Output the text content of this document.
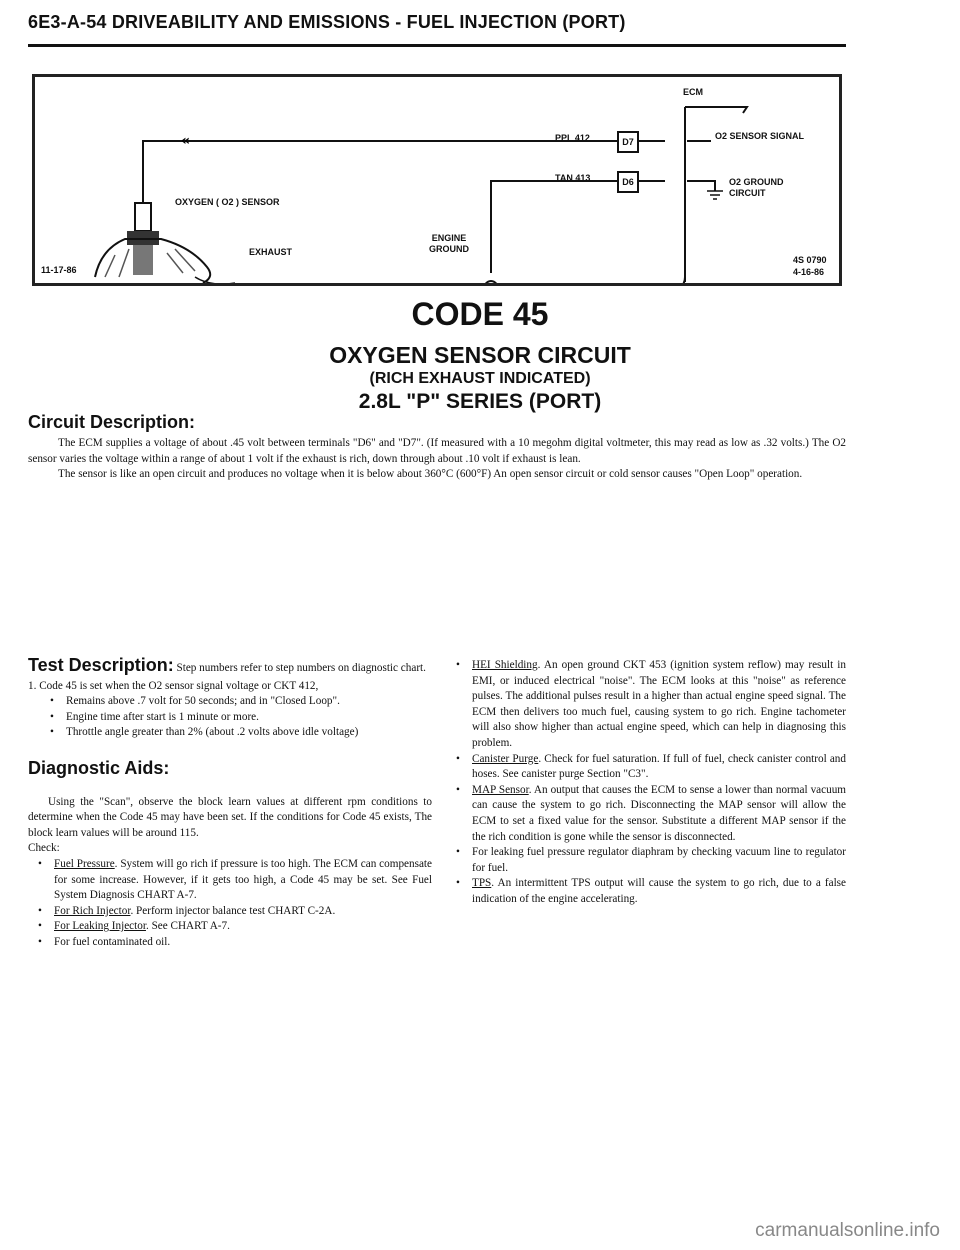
6E3-A-54 DRIVEABILITY AND EMISSIONS - FUEL INJECTION (PORT)
«	D7
D6
ECM
PPL 412
TAN 413
O2 SENSOR SIGNAL
O2 GROUND CIRCUIT
OXYGEN ( O2 ) SENSOR
EXHAUST
ENGINE GROUND
11-17-86
4S 0790
4-16-86
CODE 45
OXYGEN SENSOR CIRCUIT
(RICH EXHAUST INDICATED)
2.8L "P" SERIES (PORT)
Circuit Description:
The ECM supplies a voltage of about .45 volt between terminals "D6" and "D7". (If measured with a 10 megohm digital voltmeter, this may read as low as .32 volts.) The O2 sensor varies the voltage within a range of about 1 volt if the exhaust is rich, down through about .10 volt if exhaust is lean.
The sensor is like an open circuit and produces no voltage when it is below about 360°C (600°F) An open sensor circuit or cold sensor causes "Open Loop" operation.
Test Description: Step numbers refer to step numbers on diagnostic chart.
1. Code 45 is set when the O2 sensor signal voltage or CKT 412,
• Remains above .7 volt for 50 seconds; and in "Closed Loop".
• Engine time after start is 1 minute or more.
• Throttle angle greater than 2% (about .2 volts above idle voltage)
Diagnostic Aids:
Using the "Scan", observe the block learn values at different rpm conditions to determine when the Code 45 may have been set. If the conditions for Code 45 exists, The block learn values will be around 115.
Check:
• Fuel Pressure. System will go rich if pressure is too high. The ECM can compensate for some increase. However, if it gets too high, a Code 45 may be set. See Fuel System Diagnosis CHART A-7.
• For Rich Injector. Perform injector balance test CHART C-2A.
• For Leaking Injector. See CHART A-7.
• For fuel contaminated oil.
• HEI Shielding. An open ground CKT 453 (ignition system reflow) may result in EMI, or induced electrical "noise". The ECM looks at this "noise" as reference pulses. The additional pulses result in a higher than actual engine speed signal. The ECM then delivers too much fuel, causing system to go rich. Engine tachometer will also show higher than actual engine speed, which can help in diagnosing this problem.
• Canister Purge. Check for fuel saturation. If full of fuel, check canister control and hoses. See canister purge Section "C3".
• MAP Sensor. An output that causes the ECM to sense a lower than normal vacuum can cause the system to go rich. Disconnecting the MAP sensor will allow the ECM to set a fixed value for the sensor. Substitute a different MAP sensor if the the rich condition is gone while the sensor is disconnected.
• For leaking fuel pressure regulator diaphram by checking vacuum line to regulator for fuel.
• TPS. An intermittent TPS output will cause the system to go rich, due to a false indication of the engine accelerating.
carmanualsonline.info
